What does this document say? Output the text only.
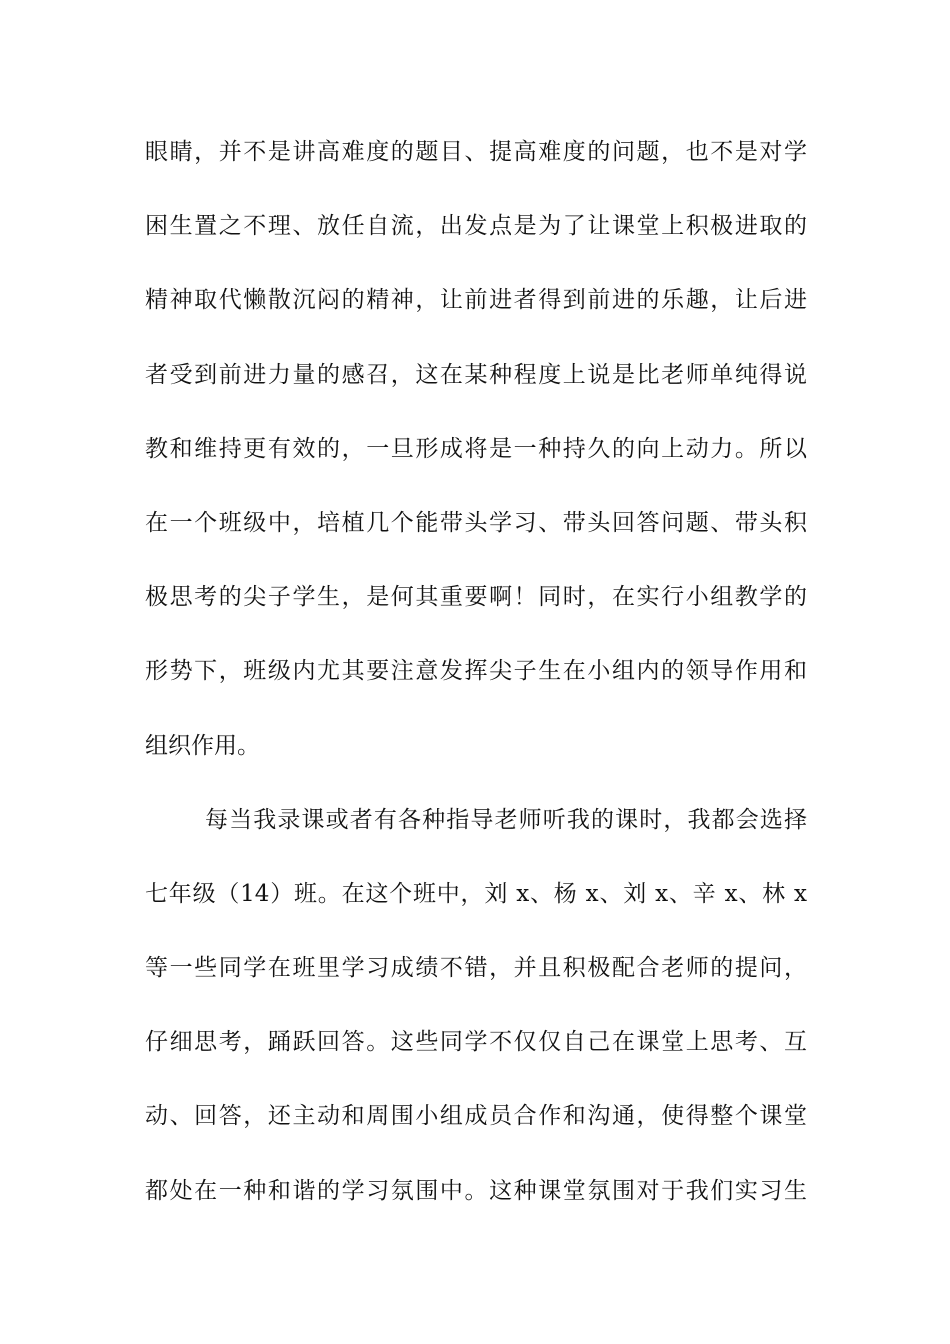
眼睛，并不是讲高难度的题目、提高难度的问题，也不是对学
困生置之不理、放任自流，出发点是为了让课堂上积极进取的
精神取代懒散沉闷的精神，让前进者得到前进的乐趣，让后进
者受到前进力量的感召，这在某种程度上说是比老师单纯得说
教和维持更有效的，一旦形成将是一种持久的向上动力。所以
在一个班级中，培植几个能带头学习、带头回答问题、带头积
极思考的尖子学生，是何其重要啊！同时，在实行小组教学的
形势下，班级内尤其要注意发挥尖子生在小组内的领导作用和
组织作用。
每当我录课或者有各种指导老师听我的课时，我都会选择
七年级（14）班。在这个班中，刘 x、杨 x、刘 x、辛 x、林 x
等一些同学在班里学习成绩不错，并且积极配合老师的提问，
仔细思考，踊跃回答。这些同学不仅仅自己在课堂上思考、互
动、回答，还主动和周围小组成员合作和沟通，使得整个课堂
都处在一种和谐的学习氛围中。这种课堂氛围对于我们实习生
